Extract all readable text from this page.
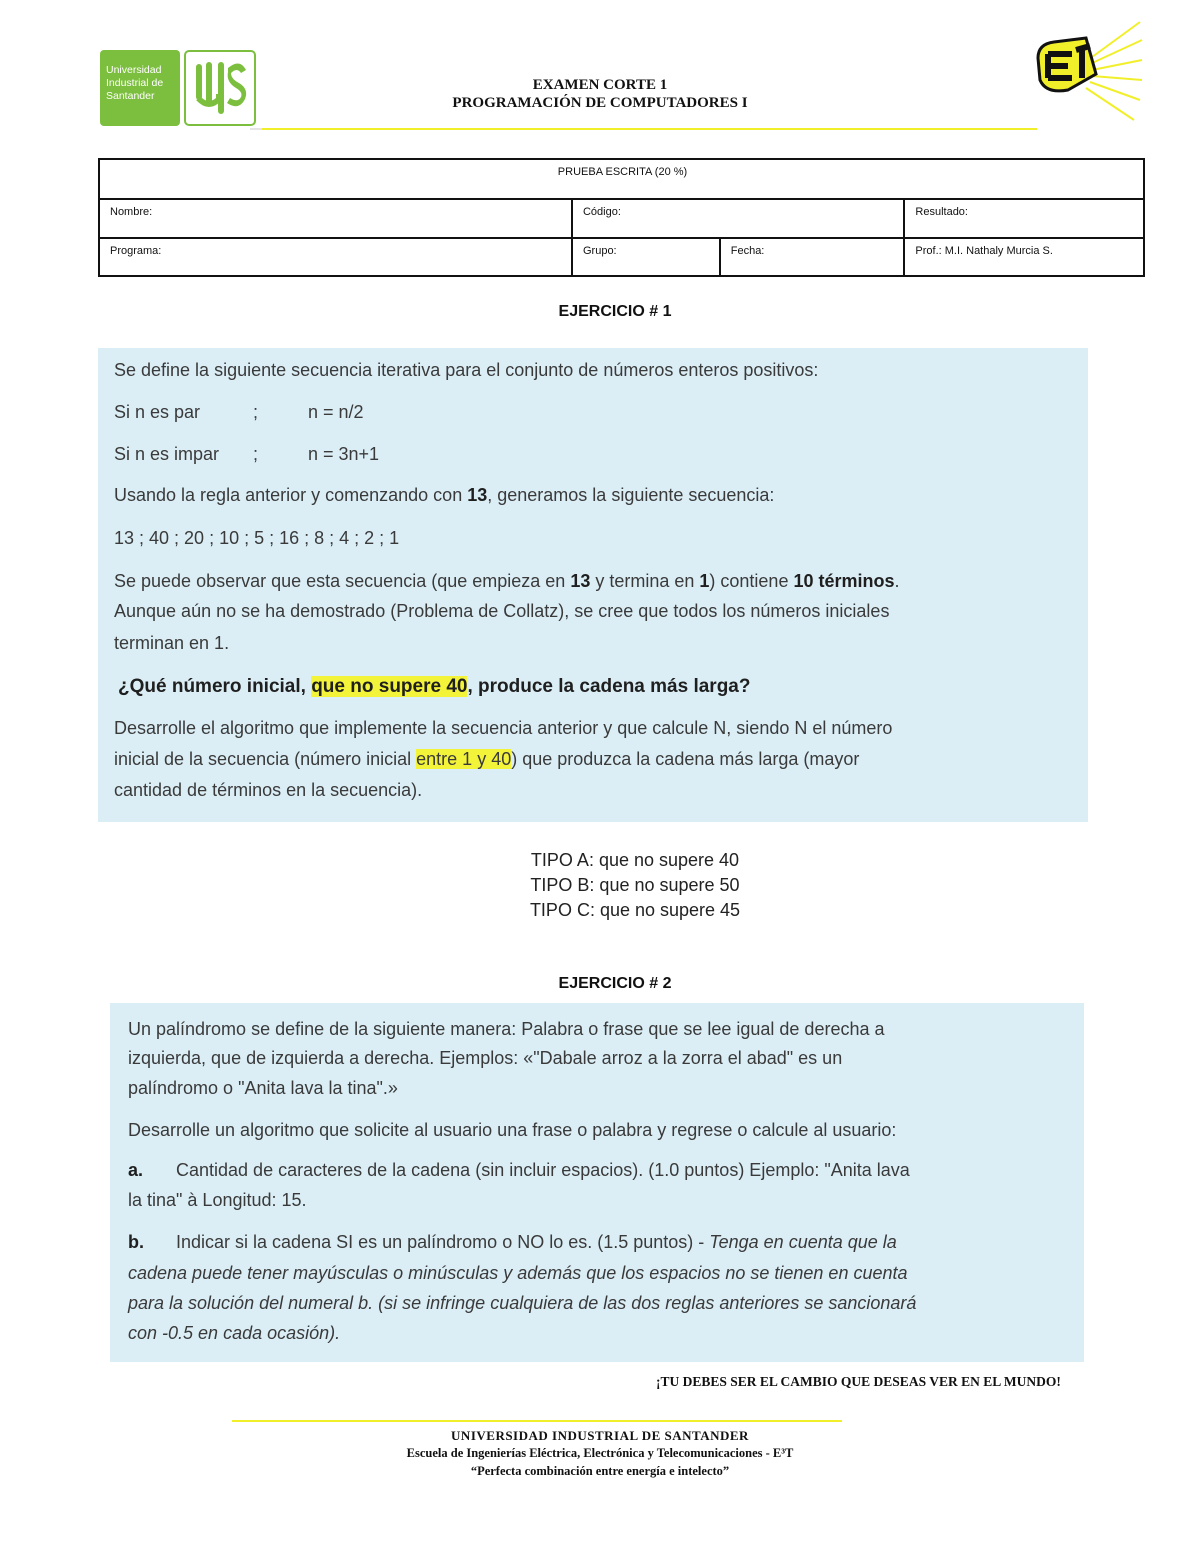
Universidad
Industrial de
Santander
EXAMEN CORTE 1
PROGRAMACIÓN DE COMPUTADORES I
PRUEBA ESCRITA (20 %)			
Nombre:	Código:		Resultado:
Programa:	Grupo:	Fecha:	Prof.: M.I. Nathaly Murcia S.
EJERCICIO # 1
Se define la siguiente secuencia iterativa para el conjunto de números enteros positivos:
Si n es par	;	n = n/2
Si n es impar ;	n = 3n+1
Usando la regla anterior y comenzando con 13, generamos la siguiente secuencia:
13 ; 40 ; 20 ; 10 ; 5 ; 16 ; 8 ; 4 ; 2 ; 1
Se puede observar que esta secuencia (que empieza en 13 y termina en 1) contiene 10 términos.
Aunque aún no se ha demostrado (Problema de Collatz), se cree que todos los números iniciales
terminan en 1.
¿Qué número inicial, que no supere 40, produce la cadena más larga?
Desarrolle el algoritmo que implemente la secuencia anterior y que calcule N, siendo N el número
inicial de la secuencia (número inicial entre 1 y 40) que produzca la cadena más larga (mayor
cantidad de términos en la secuencia).
TIPO A: que no supere 40
TIPO B: que no supere 50
TIPO C: que no supere 45
EJERCICIO # 2
Un palíndromo se define de la siguiente manera: Palabra o frase que se lee igual de derecha a
izquierda, que de izquierda a derecha. Ejemplos: «"Dabale arroz a la zorra el abad" es un
palíndromo o "Anita lava la tina".»
Desarrolle un algoritmo que solicite al usuario una frase o palabra y regrese o calcule al usuario:
a. Cantidad de caracteres de la cadena (sin incluir espacios). (1.0 puntos) Ejemplo: "Anita lava
la tina" à Longitud: 15.
b. Indicar si la cadena SI es un palíndromo o NO lo es. (1.5 puntos) - Tenga en cuenta que la
cadena puede tener mayúsculas o minúsculas y además que los espacios no se tienen en cuenta
para la solución del numeral b. (si se infringe cualquiera de las dos reglas anteriores se sancionará
con -0.5 en cada ocasión).
¡TU DEBES SER EL CAMBIO QUE DESEAS VER EN EL MUNDO!
UNIVERSIDAD INDUSTRIAL DE SANTANDER
Escuela de Ingenierías Eléctrica, Electrónica y Telecomunicaciones - E³T
“Perfecta combinación entre energía e intelecto”
